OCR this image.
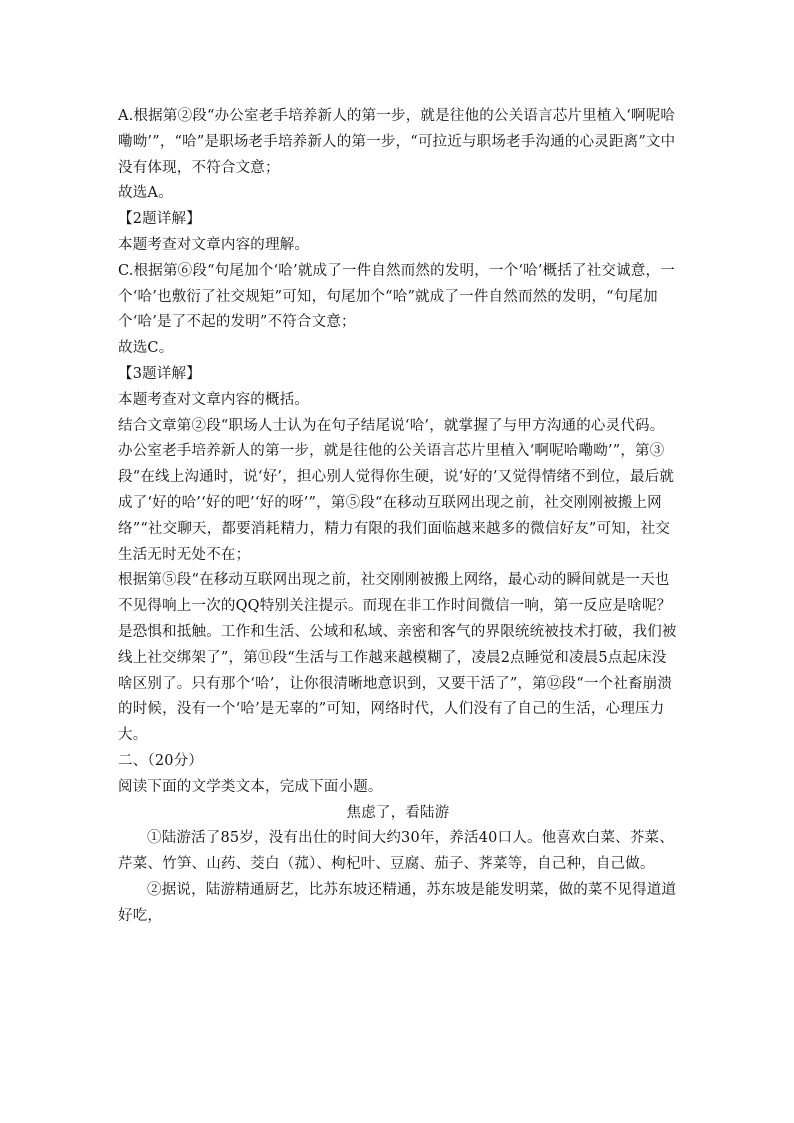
A.根据第②段“办公室老手培养新人的第一步，就是往他的公关语言芯片里植入‘啊呢哈嘞呦’”，“哈”是职场老手培养新人的第一步，“可拉近与职场老手沟通的心灵距离”文中没有体现，不符合文意；

故选A。

【2题详解】

本题考查对文章内容的理解。

C.根据第⑥段“句尾加个‘哈’就成了一件自然而然的发明，一个‘哈’概括了社交诚意，一个‘哈’也敷衍了社交规矩”可知，句尾加个“哈”就成了一件自然而然的发明，“句尾加个‘哈’是了不起的发明”不符合文意；

故选C。

【3题详解】

本题考查对文章内容的概括。

结合文章第②段“职场人士认为在句子结尾说‘哈’，就掌握了与甲方沟通的心灵代码。办公室老手培养新人的第一步，就是往他的公关语言芯片里植入‘啊呢哈嘞呦’”，第③段“在线上沟通时，说‘好’，担心别人觉得你生硬，说‘好的’又觉得情绪不到位，最后就成了‘好的哈’‘好的吧’‘好的呀’”，第⑤段“在移动互联网出现之前，社交刚刚被搬上网络”“社交聊天，都要消耗精力，精力有限的我们面临越来越多的微信好友”可知，社交生活无时无处不在；

根据第⑤段“在移动互联网出现之前，社交刚刚被搬上网络，最心动的瞬间就是一天也不见得响上一次的QQ特别关注提示。而现在非工作时间微信一响，第一反应是啥呢？是恐惧和抵触。工作和生活、公域和私域、亲密和客气的界限统统被技术打破，我们被线上社交绑架了”，第⑪段“生活与工作越来越模糊了，凌晨2点睡觉和凌晨5点起床没啥区别了。只有那个‘哈’，让你很清晰地意识到，又要干活了”，第⑫段“一个社畜崩溃的时候，没有一个‘哈’是无辜的”可知，网络时代，人们没有了自己的生活，心理压力大。

二、（20分）

阅读下面的文学类文本，完成下面小题。

焦虑了，看陆游

①陆游活了85岁，没有出仕的时间大约30年，养活40口人。他喜欢白菜、芥菜、芹菜、竹笋、山药、茭白（菰）、枸杞叶、豆腐、茄子、荠菜等，自己种，自己做。

②据说，陆游精通厨艺，比苏东坡还精通，苏东坡是能发明菜，做的菜不见得道道好吃，
